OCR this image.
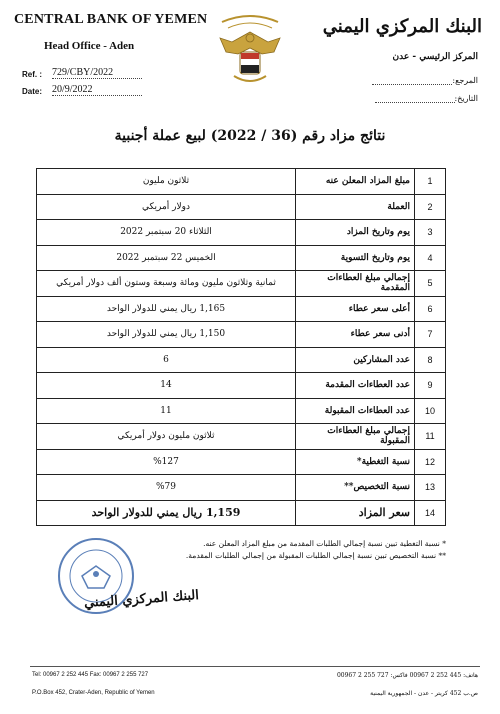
CENTRAL BANK OF YEMEN
Head Office - Aden
Ref. : 729/CBY/2022
Date: 20/9/2022
البنك المركزي اليمني
المركز الرئيسي - عدن
المرجع:
التاريخ:
نتائج مزاد رقم (36 / 2022) لبيع عملة أجنبية
1	مبلغ المزاد المعلن عنه	ثلاثون مليون
2	العملة	دولار أمريكي
3	يوم وتاريخ المزاد	الثلاثاء 20 سبتمبر 2022
4	يوم وتاريخ التسوية	الخميس 22 سبتمبر 2022
5	إجمالي مبلغ العطاءات المقدمة	ثمانية وثلاثون مليون ومائة وسبعة وستون ألف دولار أمريكي
6	أعلى سعر عطاء	1,165 ريال يمني للدولار الواحد
7	أدنى سعر عطاء	1,150 ريال يمني للدولار الواحد
8	عدد المشاركين	6
9	عدد العطاءات المقدمة	14
10	عدد العطاءات المقبولة	11
11	إجمالي مبلغ العطاءات المقبولة	ثلاثون مليون دولار أمريكي
12	نسبة التغطية*	%127
13	نسبة التخصيص**	%79
14	سعر المزاد	1,159 ريال يمني للدولار الواحد
* نسبة التغطية تبين نسبة إجمالي الطلبات المقدمة من مبلغ المزاد المعلن عنه.
** نسبة التخصيص تبين نسبة إجمالي الطلبات المقبولة من إجمالي الطلبات المقدمة.
البنك المركزي اليمني
Tel: 00967 2 252 445 Fax: 00967 2 255 727
P.O.Box 452, Crater-Aden, Republic of Yemen
هاتف: 445 252 2 00967 فاكس: 727 255 2 00967
ص.ب 452 كريتر - عدن - الجمهورية اليمنية
